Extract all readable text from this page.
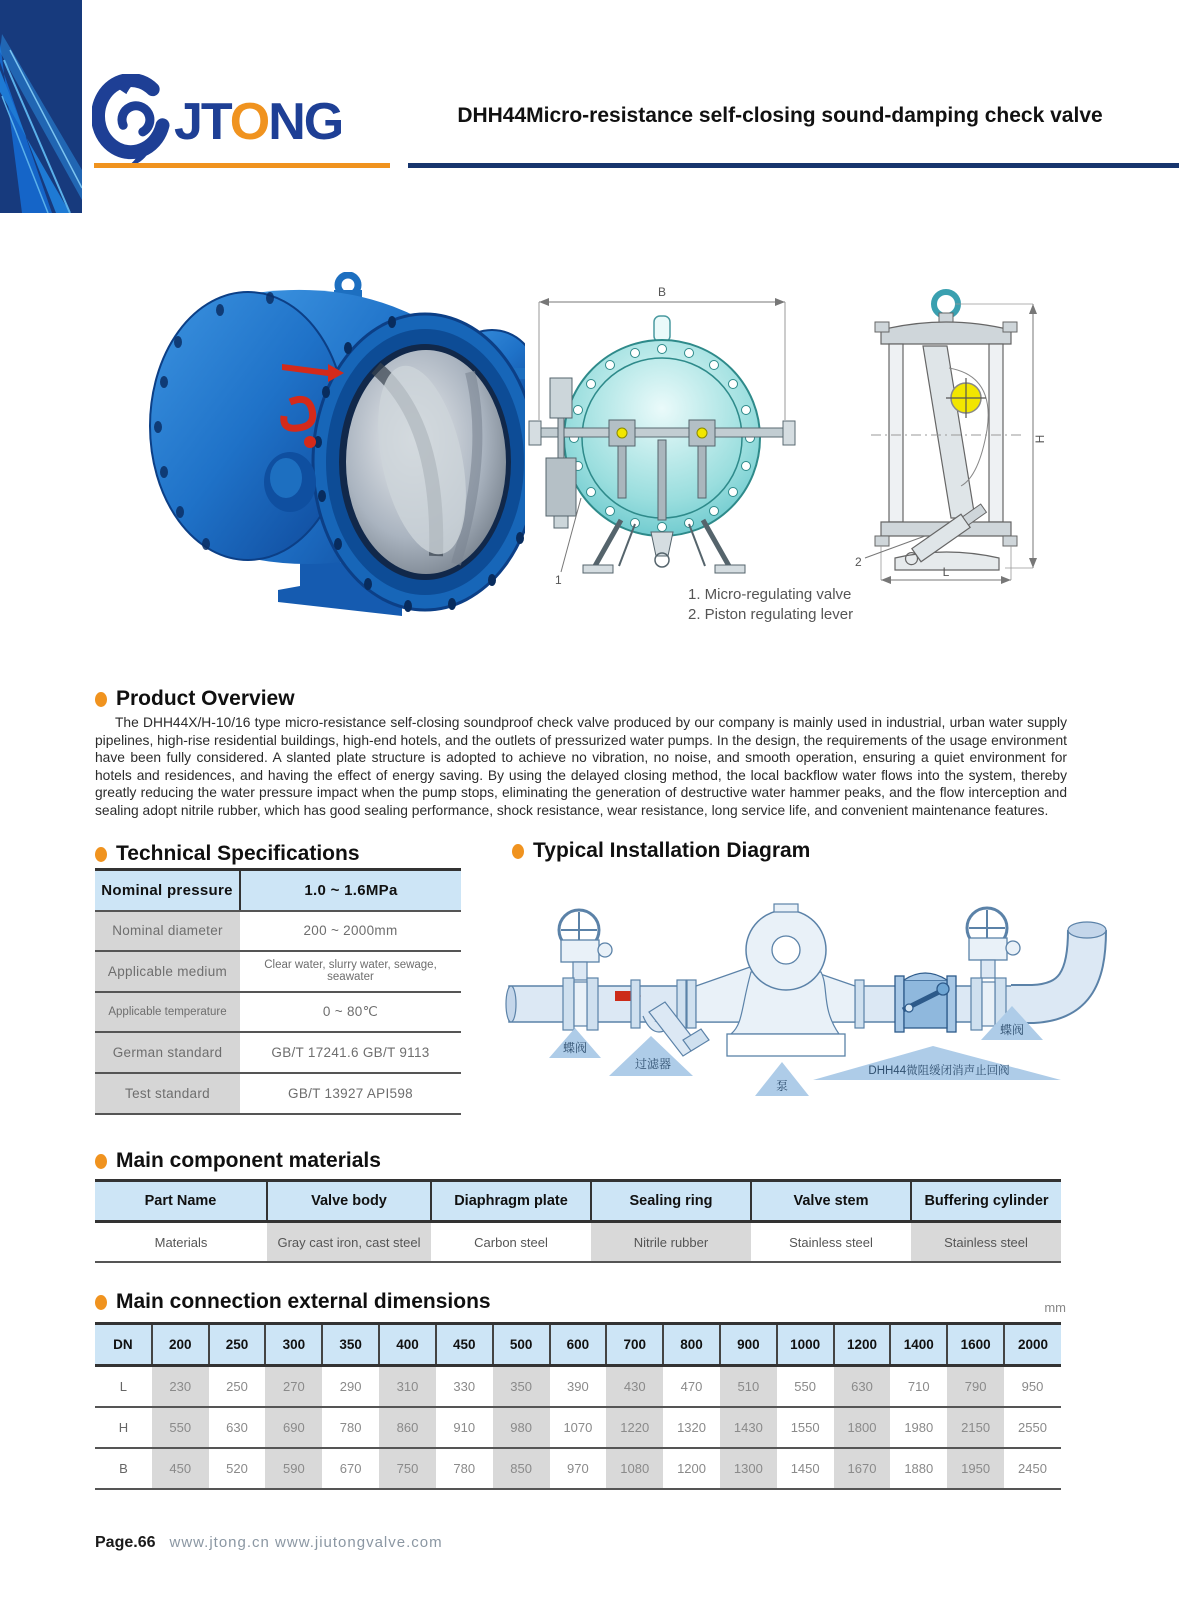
JTONG	DHH44Micro-resistance self-closing sound-damping check valve
B
1
H
L
2
1. Micro-regulating valve
2. Piston regulating lever
Product Overview
The DHH44X/H-10/16 type micro-resistance self-closing soundproof check valve produced by our company is mainly used in industrial, urban water supply pipelines, high-rise residential buildings, high-end hotels, and the outlets of pressurized water pumps. In the design, the requirements of the usage environment have been fully considered. A slanted plate structure is adopted to achieve no vibration, no noise, and smooth operation, ensuring a quiet environment for hotels and residences, and having the effect of energy saving. By using the delayed closing method, the local backflow water flows into the system, thereby greatly reducing the water pressure impact when the pump stops, eliminating the generation of destructive water hammer peaks, and the flow interception and sealing adopt nitrile rubber, which has good sealing performance, shock resistance, wear resistance, long service life, and convenient maintenance features.
Technical Specifications
Nominal pressure	1.0 ~ 1.6MPa
Nominal diameter	200 ~ 2000mm
Applicable medium	Clear water, slurry water, sewage, seawater
Applicable temperature	0 ~ 80℃
German standard	GB/T 17241.6 GB/T 9113
Test standard	GB/T 13927 API598
Typical Installation Diagram
蝶阀
过滤器
泵
DHH44微阻缓闭消声止回阀
蝶阀
Main component materials
Part Name	Valve body	Diaphragm plate	Sealing ring	Valve stem	Buffering cylinder
Materials	Gray cast iron, cast steel	Carbon steel	Nitrile rubber	Stainless steel	Stainless steel
Main connection external dimensions	mm
DN	200	250	300	350	400	450	500	600	700	800	900	1000	1200	1400	1600	2000
L	230	250	270	290	310	330	350	390	430	470	510	550	630	710	790	950
H	550	630	690	780	860	910	980	1070	1220	1320	1430	1550	1800	1980	2150	2550
B	450	520	590	670	750	780	850	970	1080	1200	1300	1450	1670	1880	1950	2450
Page.66 www.jtong.cn www.jiutongvalve.com
